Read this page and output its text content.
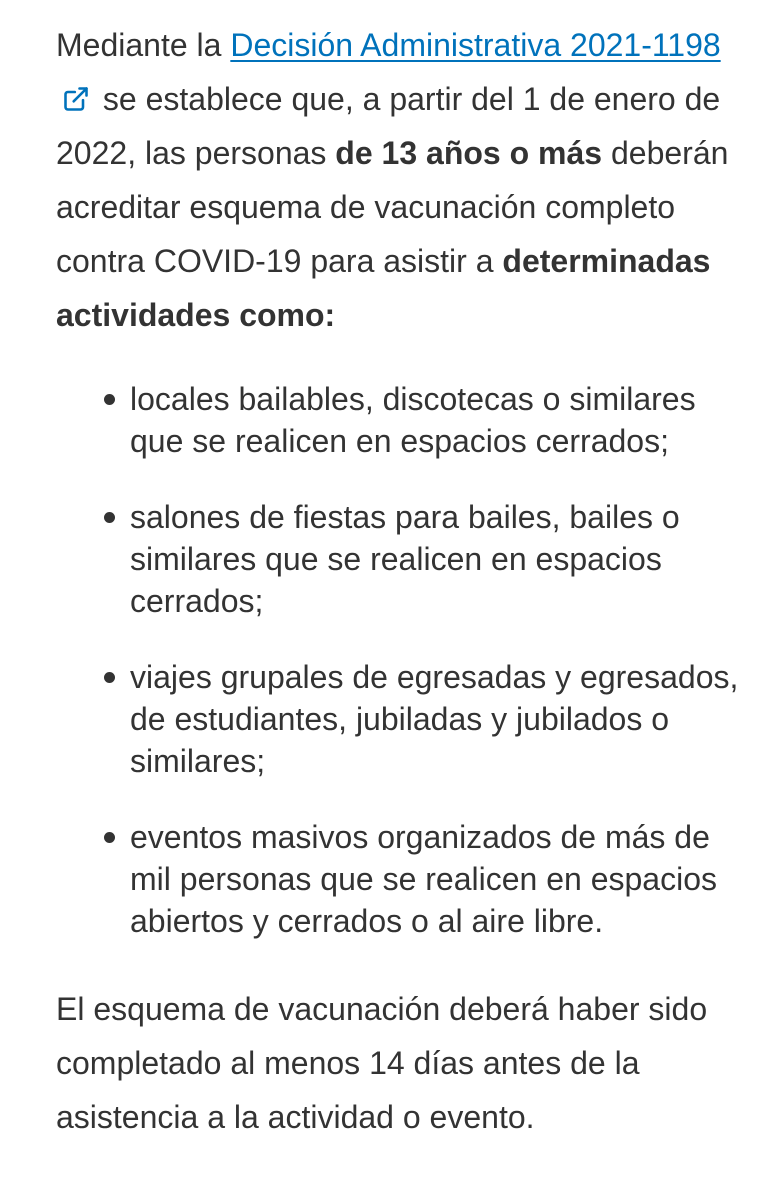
Mediante la Decisión Administrativa 2021-1198 se establece que, a partir del 1 de enero de 2022, las personas de 13 años o más deberán acreditar esquema de vacunación completo contra COVID-19 para asistir a determinadas actividades como:

locales bailables, discotecas o similares que se realicen en espacios cerrados;
salones de fiestas para bailes, bailes o similares que se realicen en espacios cerrados;
viajes grupales de egresadas y egresados, de estudiantes, jubiladas y jubilados o similares;
eventos masivos organizados de más de mil personas que se realicen en espacios abiertos y cerrados o al aire libre.

El esquema de vacunación deberá haber sido completado al menos 14 días antes de la asistencia a la actividad o evento.
